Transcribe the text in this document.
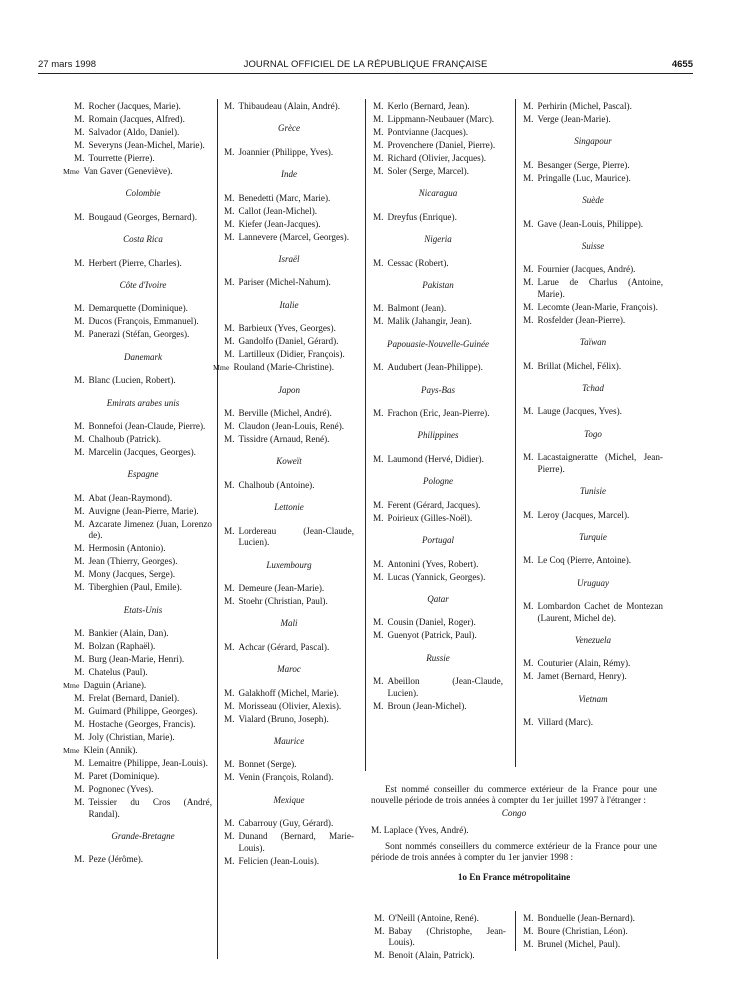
27 mars 1998	JOURNAL OFFICIEL DE LA RÉPUBLIQUE FRANÇAISE	4655
M. Rocher (Jacques, Marie).
M. Romain (Jacques, Alfred).
M. Salvador (Aldo, Daniel).
M. Severyns (Jean-Michel, Marie).
M. Tourrette (Pierre).
Mme Van Gaver (Geneviève).
Colombie
M. Bougaud (Georges, Bernard).
Costa Rica
M. Herbert (Pierre, Charles).
Côte d'Ivoire
M. Demarquette (Dominique).
M. Ducos (François, Emmanuel).
M. Panerazi (Stéfan, Georges).
Danemark
M. Blanc (Lucien, Robert).
Emirats arabes unis
M. Bonnefoi (Jean-Claude, Pierre).
M. Chalhoub (Patrick).
M. Marcelin (Jacques, Georges).
Espagne
M. Abat (Jean-Raymond).
M. Auvigne (Jean-Pierre, Marie).
M. Azcarate Jimenez (Juan, Lorenzo de).
M. Hermosin (Antonio).
M. Jean (Thierry, Georges).
M. Mony (Jacques, Serge).
M. Tiberghien (Paul, Emile).
Etats-Unis
M. Bankier (Alain, Dan).
M. Bolzan (Raphaël).
M. Burg (Jean-Marie, Henri).
M. Chatelus (Paul).
Mme Daguin (Ariane).
M. Frelat (Bernard, Daniel).
M. Guimard (Philippe, Georges).
M. Hostache (Georges, Francis).
M. Joly (Christian, Marie).
Mme Klein (Annik).
M. Lemaitre (Philippe, Jean-Louis).
M. Paret (Dominique).
M. Pognonec (Yves).
M. Teissier du Cros (André, Randal).
Grande-Bretagne
M. Peze (Jérôme).
M. Thibaudeau (Alain, André).
Grèce
M. Joannier (Philippe, Yves).
Inde
M. Benedetti (Marc, Marie).
M. Callot (Jean-Michel).
M. Kiefer (Jean-Jacques).
M. Lannevere (Marcel, Georges).
Israël
M. Pariser (Michel-Nahum).
Italie
M. Barbieux (Yves, Georges).
M. Gandolfo (Daniel, Gérard).
M. Lartilleux (Didier, François).
Mme Rouland (Marie-Christine).
Japon
M. Berville (Michel, André).
M. Claudon (Jean-Louis, René).
M. Tissidre (Arnaud, René).
Koweït
M. Chalhoub (Antoine).
Lettonie
M. Lordereau (Jean-Claude, Lucien).
Luxembourg
M. Demeure (Jean-Marie).
M. Stoehr (Christian, Paul).
Mali
M. Achcar (Gérard, Pascal).
Maroc
M. Galakhoff (Michel, Marie).
M. Morisseau (Olivier, Alexis).
M. Vialard (Bruno, Joseph).
Maurice
M. Bonnet (Serge).
M. Venin (François, Roland).
Mexique
M. Cabarrouy (Guy, Gérard).
M. Dunand (Bernard, Marie-Louis).
M. Felicien (Jean-Louis).
M. Kerlo (Bernard, Jean).
M. Lippmann-Neubauer (Marc).
M. Pontvianne (Jacques).
M. Provenchere (Daniel, Pierre).
M. Richard (Olivier, Jacques).
M. Soler (Serge, Marcel).
Nicaragua
M. Dreyfus (Enrique).
Nigeria
M. Cessac (Robert).
Pakistan
M. Balmont (Jean).
M. Malik (Jahangir, Jean).
Papouasie-Nouvelle-Guinée
M. Audubert (Jean-Philippe).
Pays-Bas
M. Frachon (Eric, Jean-Pierre).
Philippines
M. Laumond (Hervé, Didier).
Pologne
M. Ferent (Gérard, Jacques).
M. Poirieux (Gilles-Noël).
Portugal
M. Antonini (Yves, Robert).
M. Lucas (Yannick, Georges).
Qatar
M. Cousin (Daniel, Roger).
M. Guenyot (Patrick, Paul).
Russie
M. Abeillon (Jean-Claude, Lucien).
M. Broun (Jean-Michel).
M. Perhirin (Michel, Pascal).
M. Verge (Jean-Marie).
Singapour
M. Besanger (Serge, Pierre).
M. Pringalle (Luc, Maurice).
Suède
M. Gave (Jean-Louis, Philippe).
Suisse
M. Fournier (Jacques, André).
M. Larue de Charlus (Antoine, Marie).
M. Lecomte (Jean-Marie, François).
M. Rosfelder (Jean-Pierre).
Taïwan
M. Brillat (Michel, Félix).
Tchad
M. Lauge (Jacques, Yves).
Togo
M. Lacastaigneratte (Michel, Jean-Pierre).
Tunisie
M. Leroy (Jacques, Marcel).
Turquie
M. Le Coq (Pierre, Antoine).
Uruguay
M. Lombardon Cachet de Montezan (Laurent, Michel de).
Venezuela
M. Couturier (Alain, Rémy).
M. Jamet (Bernard, Henry).
Vietnam
M. Villard (Marc).

Est nommé conseiller du commerce extérieur de la France pour une nouvelle période de trois années à compter du 1er juillet 1997 à l'étranger :

Congo

M. Laplace (Yves, André).

Sont nommés conseillers du commerce extérieur de la France pour une période de trois années à compter du 1er janvier 1998 :

1o En France métropolitaine

M. O'Neill (Antoine, René).
M. Babay (Christophe, Jean-Louis).
M. Benoit (Alain, Patrick).
M. Bonduelle (Jean-Bernard).
M. Boure (Christian, Léon).
M. Brunel (Michel, Paul).
